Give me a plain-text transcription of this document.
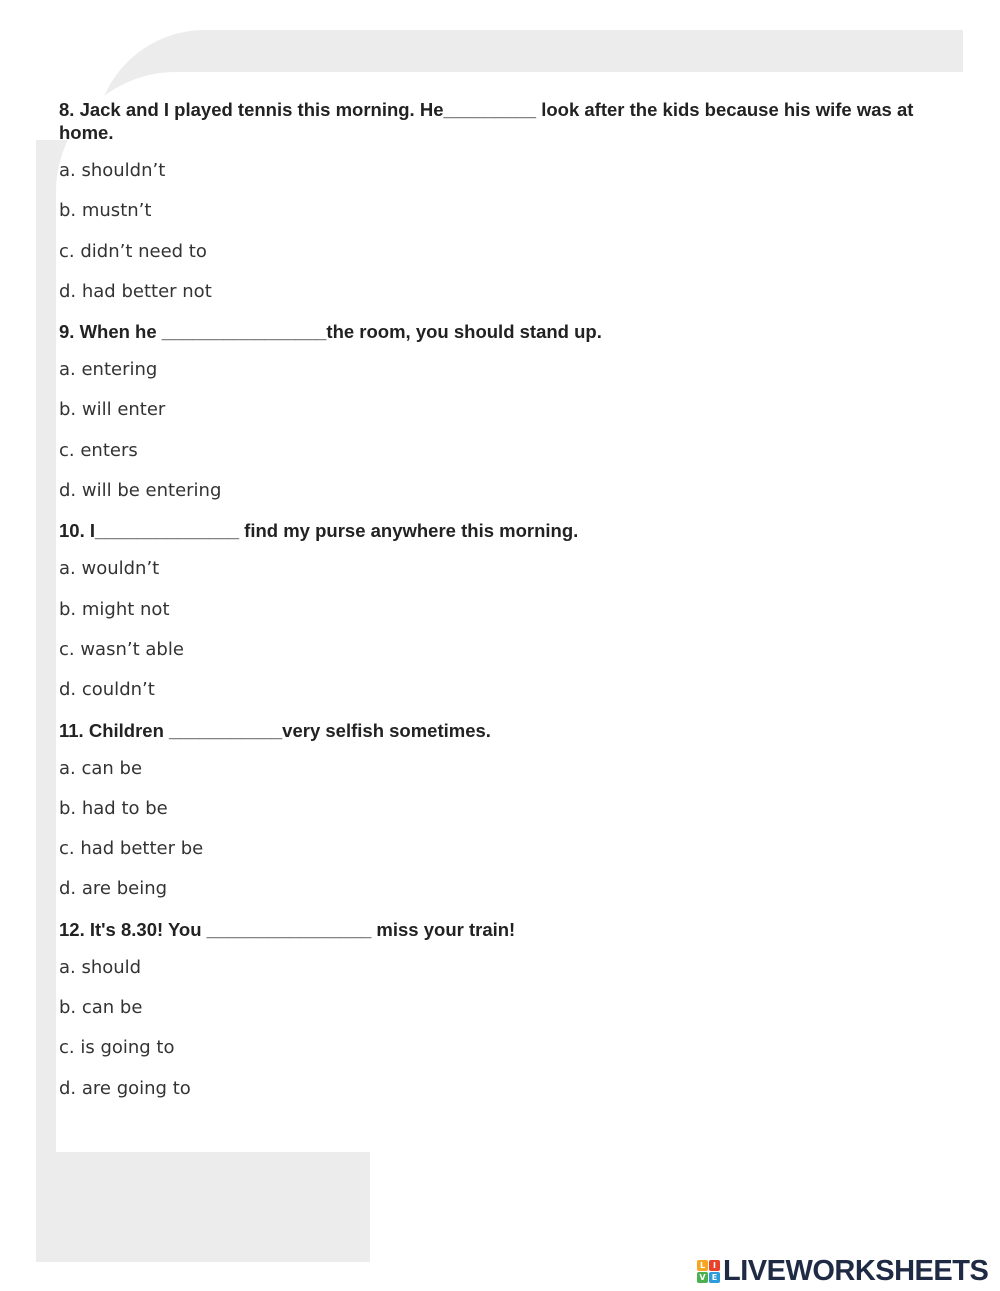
8. Jack and I played tennis this morning. He_________ look after the kids because his wife was at home.

a. shouldn’t

b. mustn’t

c. didn’t need to

d. had better not

9. When he ________________the room, you should stand up.

a. entering

b. will enter

c. enters

d. will be entering

10. I______________ find my purse anywhere this morning.

a. wouldn’t

b. might not

c. wasn’t able

d. couldn’t

11. Children ___________very selfish sometimes.

a. can be

b. had to be

c. had better be

d. are being

12. It's 8.30! You ________________ miss your train!

a. should

b. can be

c. is going to

d. are going to

L I
V E LIVEWORKSHEETS
